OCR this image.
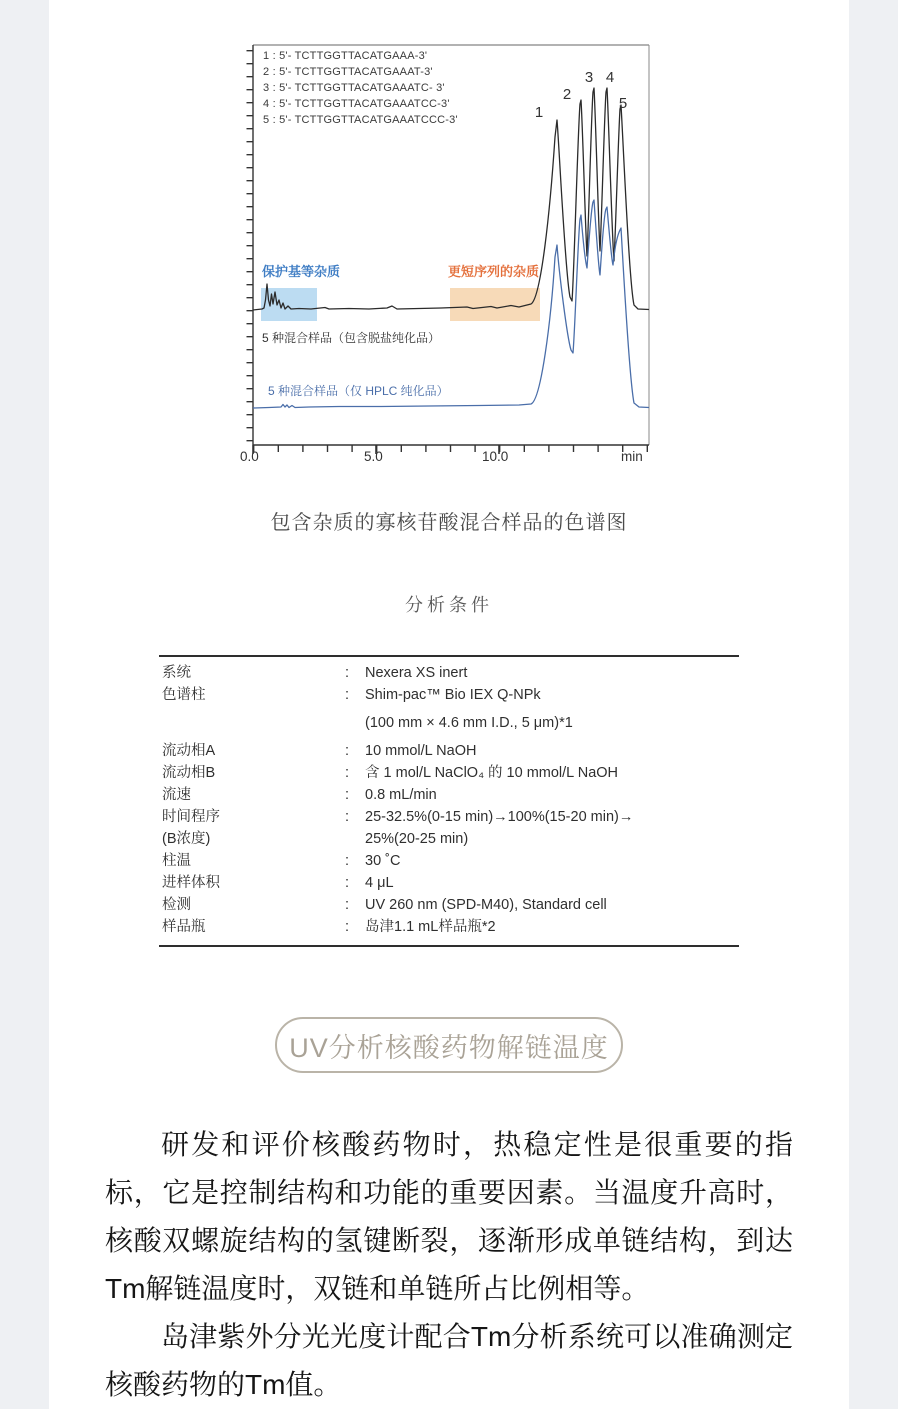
1 : 5'- TCTTGGTTACATGAAA-3'
2 : 5'- TCTTGGTTACATGAAAT-3'
3 : 5'- TCTTGGTTACATGAAATC- 3'
4 : 5'- TCTTGGTTACATGAAATCC-3'
5 : 5'- TCTTGGTTACATGAAATCCC-3'
保护基等杂质	更短序列的杂质
5 种混合样品（包含脱盐纯化品）
5 种混合样品（仅 HPLC 纯化品）
1
2
3 4
5
0.0	5.0	10.0	min
包含杂质的寡核苷酸混合样品的色谱图
分析条件
系统	:	Nexera XS inert
色谱柱	:	Shim-pac™ Bio IEX Q-NPk
(100 mm × 4.6 mm I.D., 5 μm)*1
流动相A	:	10 mmol/L NaOH
流动相B	:	含 1 mol/L NaClO₄ 的 10 mmol/L NaOH
流速	:	0.8 mL/min
时间程序	:	25-32.5%(0-15 min)→100%(15-20 min)→
(B浓度)	25%(20-25 min)
柱温	:	30 ˚C
进样体积	:	4 μL
检测	:	UV 260 nm (SPD-M40), Standard cell
样品瓶	:	岛津1.1 mL样品瓶*2
UV分析核酸药物解链温度

研发和评价核酸药物时，热稳定性是很重要的指标，它是控制结构和功能的重要因素。当温度升高时，核酸双螺旋结构的氢键断裂，逐渐形成单链结构，到达Tm解链温度时，双链和单链所占比例相等。

岛津紫外分光光度计配合Tm分析系统可以准确测定核酸药物的Tm值。
